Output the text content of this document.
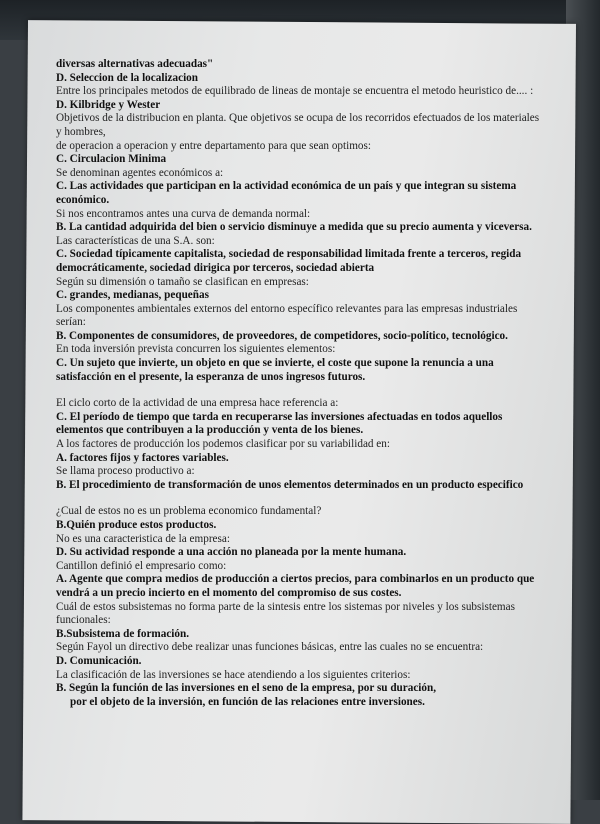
diversas alternativas adecuadas"
D. Seleccion de la localizacion
Entre los principales metodos de equilibrado de lineas de montaje se encuentra el metodo heuristico de.... :
D. Kilbridge y Wester
Objetivos de la distribucion en planta. Que objetivos se ocupa de los recorridos efectuados de los materiales y hombres,
de operacion a operacion y entre departamento para que sean optimos:
C. Circulacion Minima
Se denominan agentes económicos a:
C. Las actividades que participan en la actividad económica de un país y que integran su sistema económico.
Si nos encontramos antes una curva de demanda normal:
B. La cantidad adquirida del bien o servicio disminuye a medida que su precio aumenta y viceversa.
Las características de una S.A. son:
C. Sociedad típicamente capitalista, sociedad de responsabilidad limitada frente a terceros, regida democráticamente, sociedad dirigica por terceros, sociedad abierta
Según su dimensión o tamaño se clasifican en empresas:
C. grandes, medianas, pequeñas
Los componentes ambientales externos del entorno específico relevantes para las empresas industriales serían:
B. Componentes de consumidores, de proveedores, de competidores, socio-político, tecnológico.
En toda inversión prevista concurren los siguientes elementos:
C. Un sujeto que invierte, un objeto en que se invierte, el coste que supone la renuncia a una satisfacción en el presente, la esperanza de unos ingresos futuros.
El ciclo corto de la actividad de una empresa hace referencia a:
C. El período de tiempo que tarda en recuperarse las inversiones afectuadas en todos aquellos elementos que contribuyen a la producción y venta de los bienes.
A los factores de producción los podemos clasificar por su variabilidad en:
A. factores fijos y factores variables.
Se llama proceso productivo a:
B. El procedimiento de transformación de unos elementos determinados en un producto especifico
¿Cual de estos no es un problema economico fundamental?
B.Quién produce estos productos.
No es una caracteristica de la empresa:
D. Su actividad responde a una acción no planeada por la mente humana.
Cantillon definió el empresario como:
A. Agente que compra medios de producción a ciertos precios, para combinarlos en un producto que vendrá a un precio incierto en el momento del compromiso de sus costes.
Cuál de estos subsistemas no forma parte de la sintesis entre los sistemas por niveles y los subsistemas funcionales:
B.Subsistema de formación.
Según Fayol un directivo debe realizar unas funciones básicas, entre las cuales no se encuentra:
D. Comunicación.
La clasificación de las inversiones se hace atendiendo a los siguientes criterios:
B. Según la función de las inversiones en el seno de la empresa, por su duración,
por el objeto de la inversión, en función de las relaciones entre inversiones.
